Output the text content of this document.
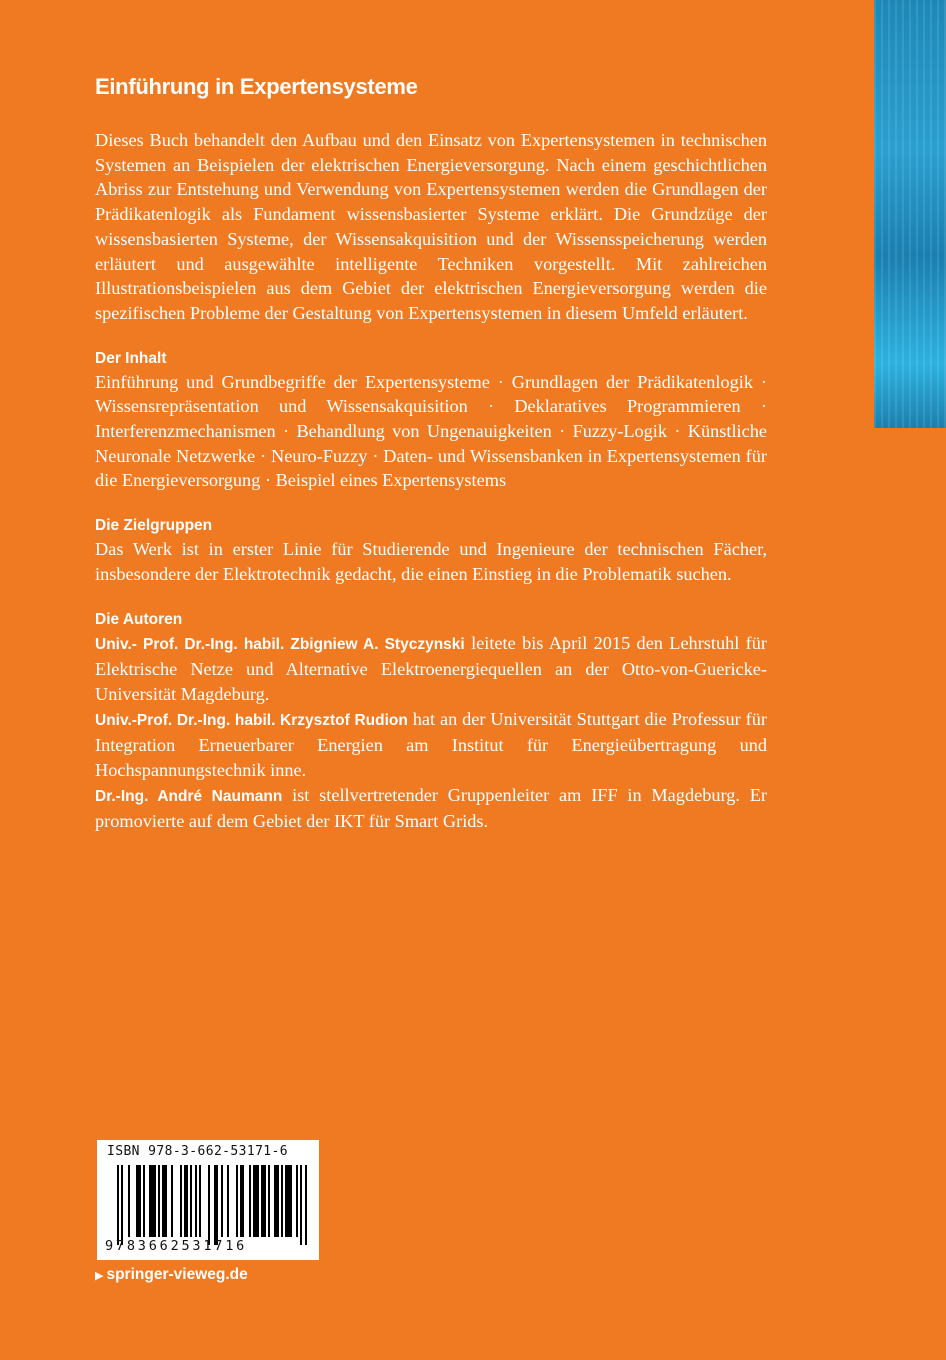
Einführung in Expertensysteme

Dieses Buch behandelt den Aufbau und den Einsatz von Expertensystemen in technischen Systemen an Beispielen der elektrischen Energieversorgung. Nach einem geschichtlichen Abriss zur Entstehung und Verwendung von Expertensystemen werden die Grundlagen der Prädikatenlogik als Fundament wissensbasierter Systeme erklärt. Die Grundzüge der wissensbasierten Systeme, der Wissensakquisition und der Wissensspeicherung werden erläutert und ausgewählte intelligente Techniken vorgestellt. Mit zahlreichen Illustrationsbeispielen aus dem Gebiet der elektrischen Energieversorgung werden die spezifischen Probleme der Gestaltung von Expertensystemen in diesem Umfeld erläutert.

Der Inhalt

Einführung und Grundbegriffe der Expertensysteme · Grundlagen der Prädikatenlogik · Wissensrepräsentation und Wissensakquisition · Deklaratives Programmieren · Interferenzmechanismen · Behandlung von Ungenauigkeiten · Fuzzy-Logik · Künstliche Neuronale Netzwerke · Neuro-Fuzzy · Daten- und Wissensbanken in Expertensystemen für die Energieversorgung · Beispiel eines Expertensystems

Die Zielgruppen

Das Werk ist in erster Linie für Studierende und Ingenieure der technischen Fächer, insbesondere der Elektrotechnik gedacht, die einen Einstieg in die Problematik suchen.

Die Autoren

Univ.- Prof. Dr.-Ing. habil. Zbigniew A. Styczynski leitete bis April 2015 den Lehrstuhl für Elektrische Netze und Alternative Elektroenergiequellen an der Otto-von-Guericke-Universität Magdeburg.

Univ.-Prof. Dr.-Ing. habil. Krzysztof Rudion hat an der Universität Stuttgart die Professur für Integration Erneuerbarer Energien am Institut für Energieübertragung und Hochspannungstechnik inne.

Dr.-Ing. André Naumann ist stellvertretender Gruppenleiter am IFF in Magdeburg. Er promovierte auf dem Gebiet der IKT für Smart Grids.

ISBN 978-3-662-53171-6
9783662531716
▶ springer-vieweg.de
